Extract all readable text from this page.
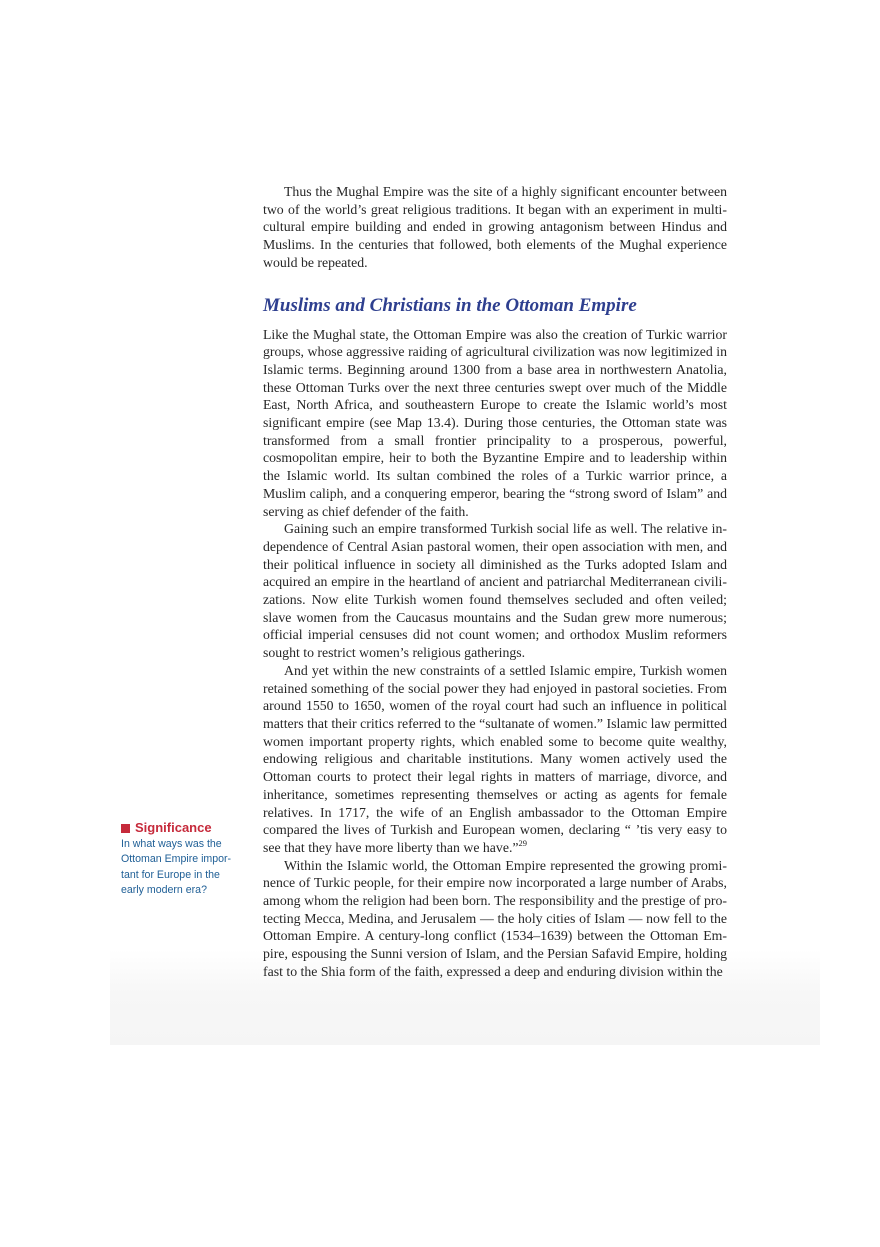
Thus the Mughal Empire was the site of a highly significant encounter between two of the world’s great religious traditions. It began with an experiment in multicultural empire building and ended in growing antagonism between Hindus and Muslims. In the centuries that followed, both elements of the Mughal experience would be repeated.

Muslims and Christians in the Ottoman Empire

Like the Mughal state, the Ottoman Empire was also the creation of Turkic warrior groups, whose aggressive raiding of agricultural civilization was now legitimized in Islamic terms. Beginning around 1300 from a base area in northwestern Anatolia, these Ottoman Turks over the next three centuries swept over much of the Middle East, North Africa, and southeastern Europe to create the Islamic world’s most significant empire (see Map 13.4). During those centuries, the Ottoman state was transformed from a small frontier principality to a prosperous, powerful, cosmopolitan empire, heir to both the Byzantine Empire and to leadership within the Islamic world. Its sultan combined the roles of a Turkic warrior prince, a Muslim caliph, and a conquering emperor, bearing the “strong sword of Islam” and serving as chief defender of the faith.

Gaining such an empire transformed Turkish social life as well. The relative independence of Central Asian pastoral women, their open association with men, and their political influence in society all diminished as the Turks adopted Islam and acquired an empire in the heartland of ancient and patriarchal Mediterranean civilizations. Now elite Turkish women found themselves secluded and often veiled; slave women from the Caucasus mountains and the Sudan grew more numerous; official imperial censuses did not count women; and orthodox Muslim reformers sought to restrict women’s religious gatherings.

And yet within the new constraints of a settled Islamic empire, Turkish women retained something of the social power they had enjoyed in pastoral societies. From around 1550 to 1650, women of the royal court had such an influence in political matters that their critics referred to the “sultanate of women.” Islamic law permitted women important property rights, which enabled some to become quite wealthy, endowing religious and charitable institutions. Many women actively used the Ottoman courts to protect their legal rights in matters of marriage, divorce, and inheritance, sometimes representing themselves or acting as agents for female relatives. In 1717, the wife of an English ambassador to the Ottoman Empire compared the lives of Turkish and European women, declaring “ ’tis very easy to see that they have more liberty than we have.”$^{29}$

Within the Islamic world, the Ottoman Empire represented the growing prominence of Turkic people, for their empire now incorporated a large number of Arabs, among whom the religion had been born. The responsibility and the prestige of protecting Mecca, Medina, and Jerusalem — the holy cities of Islam — now fell to the Ottoman Empire. A century-long conflict (1534–1639) between the Ottoman Empire, espousing the Sunni version of Islam, and the Persian Safavid Empire, holding fast to the Shia form of the faith, expressed a deep and enduring division within the

Significance
In what ways was the
Ottoman Empire impor-
tant for Europe in the
early modern era?
